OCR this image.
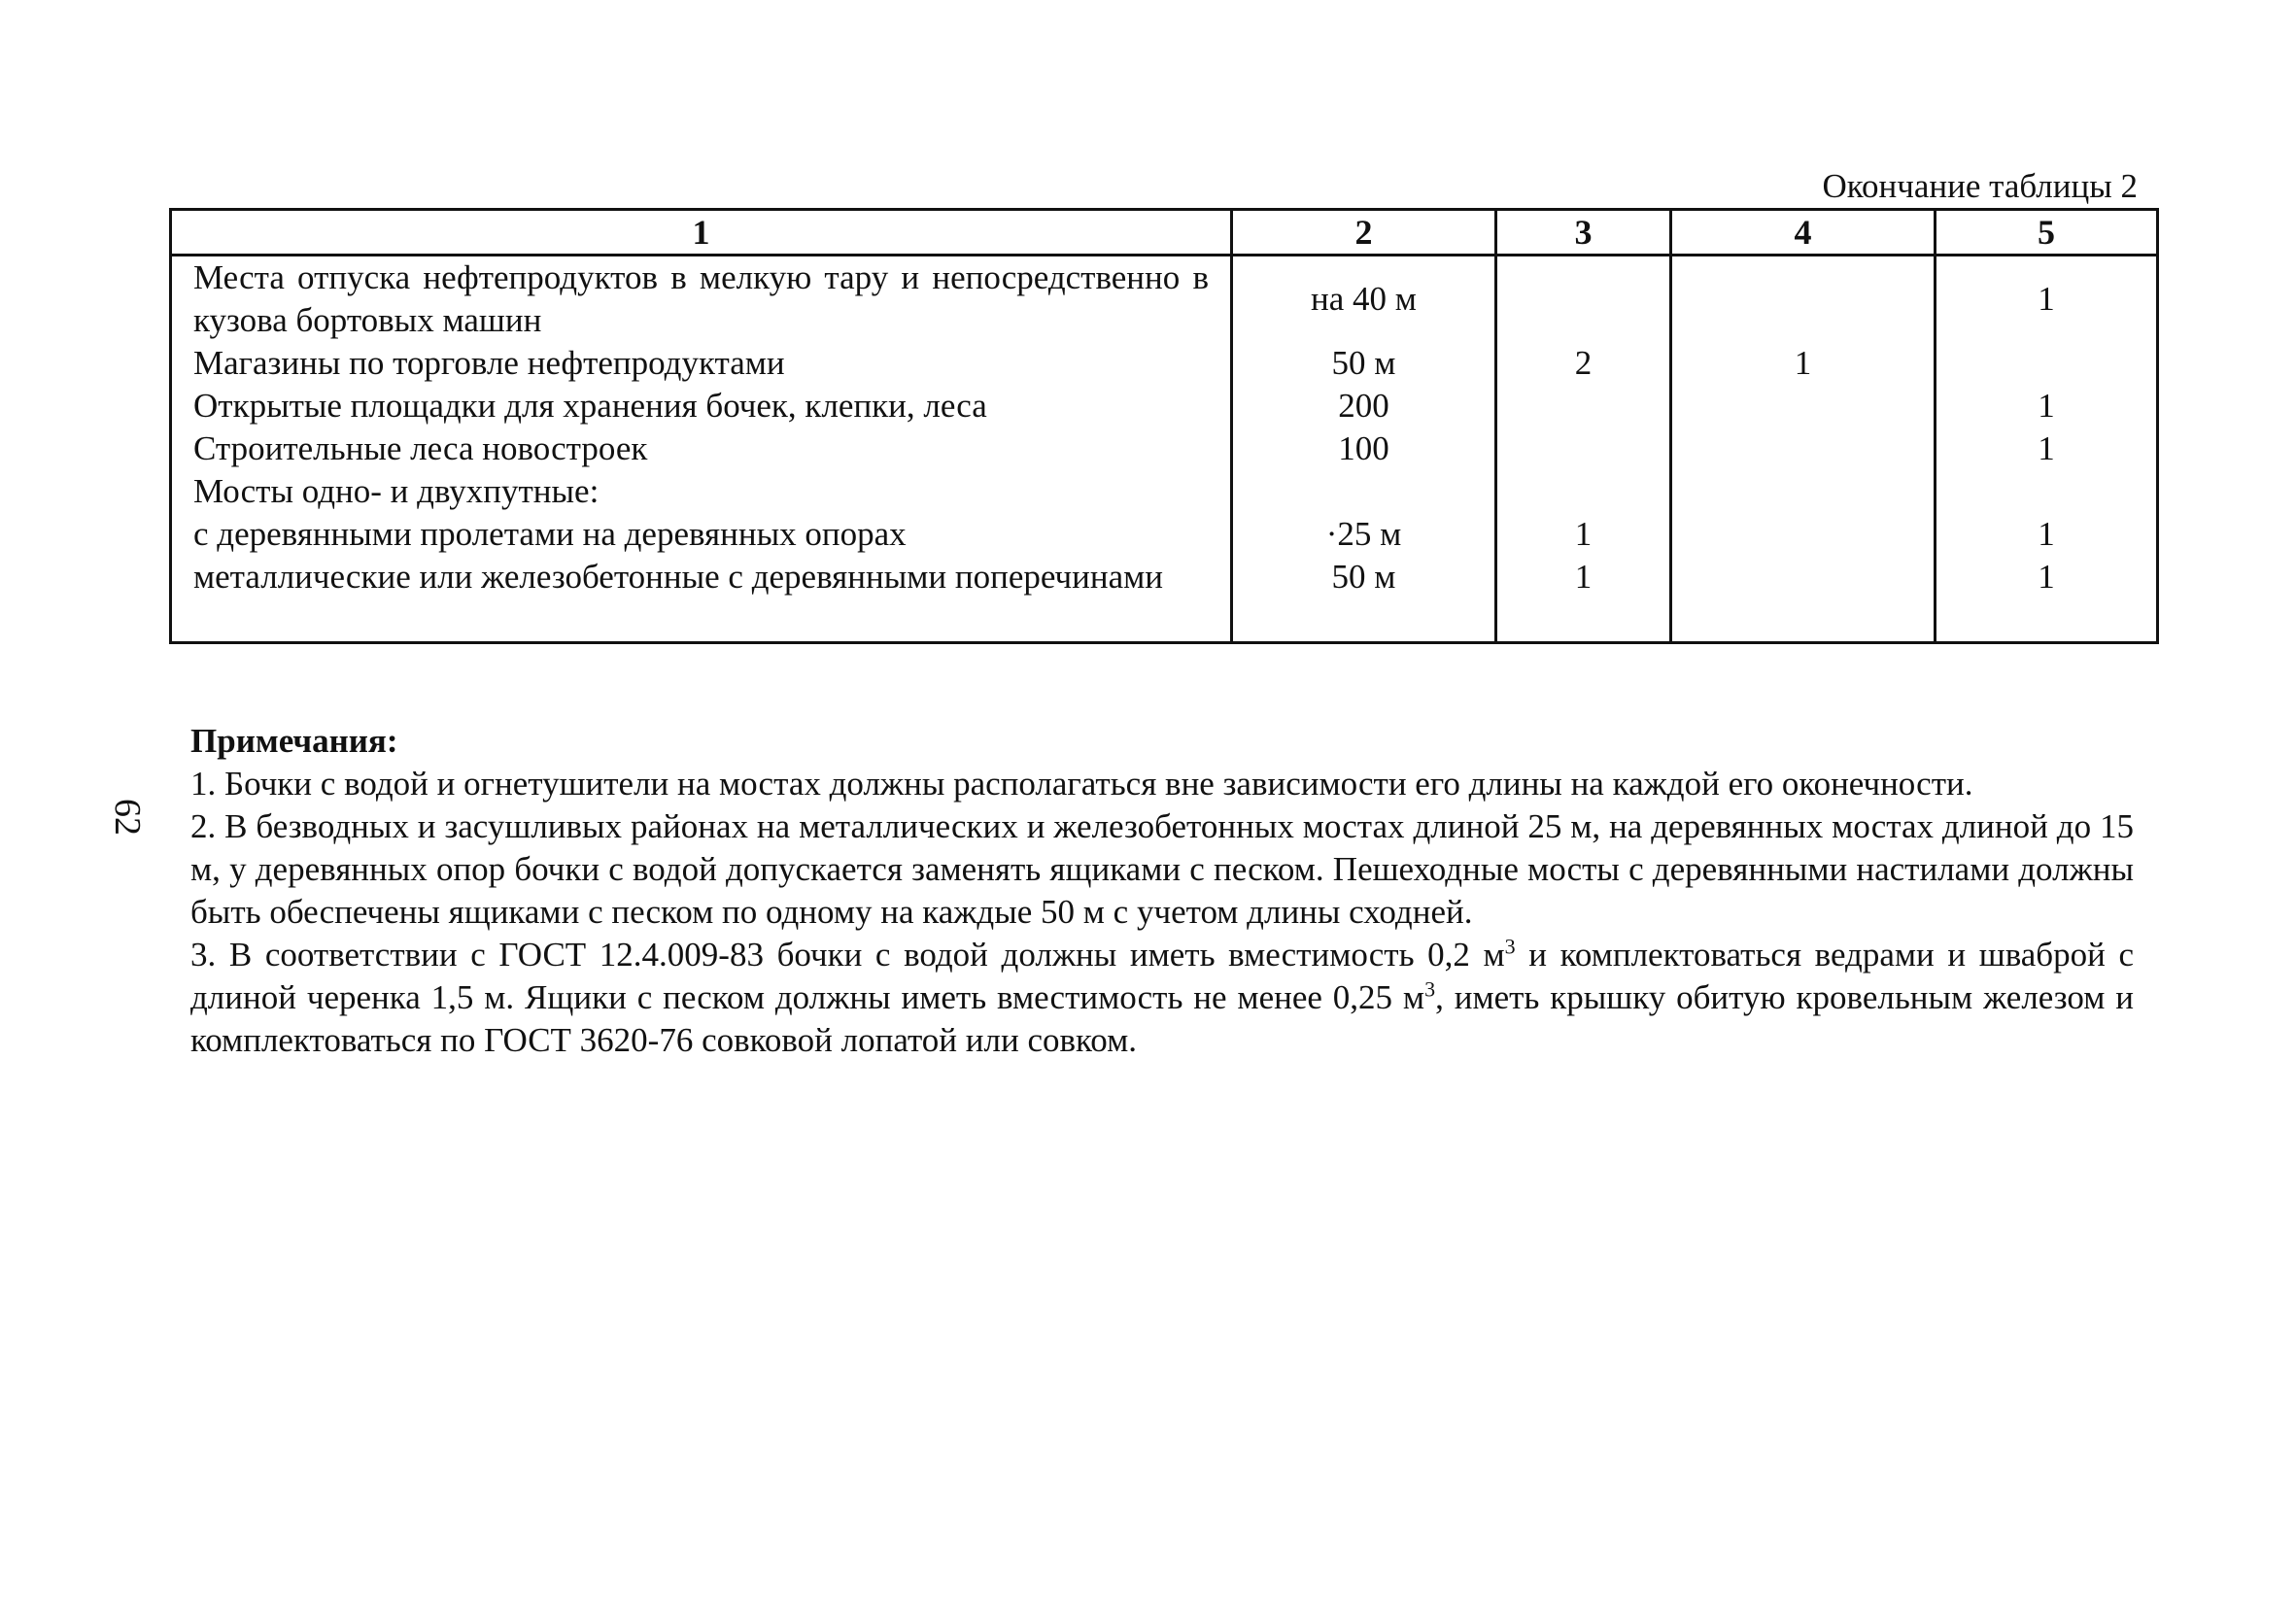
62
Окончание таблицы 2
1	2	3	4	5
Места отпуска нефтепродуктов в мелкую тару и непосредственно в кузова бортовых машин	на 40 м			1
Магазины по торговле нефтепродуктами	50 м	2	1	
Открытые площадки для хранения бочек, клепки, леса	200			1
Строительные леса новостроек	100			1
Мосты одно- и двухпутные:				
с деревянными пролетами на деревянных опорах	·25 м	1		1
металлические или железобетонные с деревянными поперечинами	50 м	1		1

Примечания:

1. Бочки с водой и огнетушители на мостах должны располагаться вне зависимости его длины на каждой его оконечности.

2. В безводных и засушливых районах на металлических и железобетонных мостах длиной 25 м, на деревянных мостах длиной до 15 м, у деревянных опор бочки с водой допускается заменять ящиками с песком. Пешеходные мосты с деревянными настилами должны быть обеспечены ящиками с песком по одному на каждые 50 м с учетом длины сходней.

3. В соответствии с ГОСТ 12.4.009-83 бочки с водой должны иметь вместимость 0,2 $м^3$ и комплектоваться ведрами и шваброй с длиной черенка 1,5 м. Ящики с песком должны иметь вместимость не менее 0,25 $м^3$, иметь крышку обитую кровельным железом и комплектоваться по ГОСТ 3620-76 совковой лопатой или совком.
